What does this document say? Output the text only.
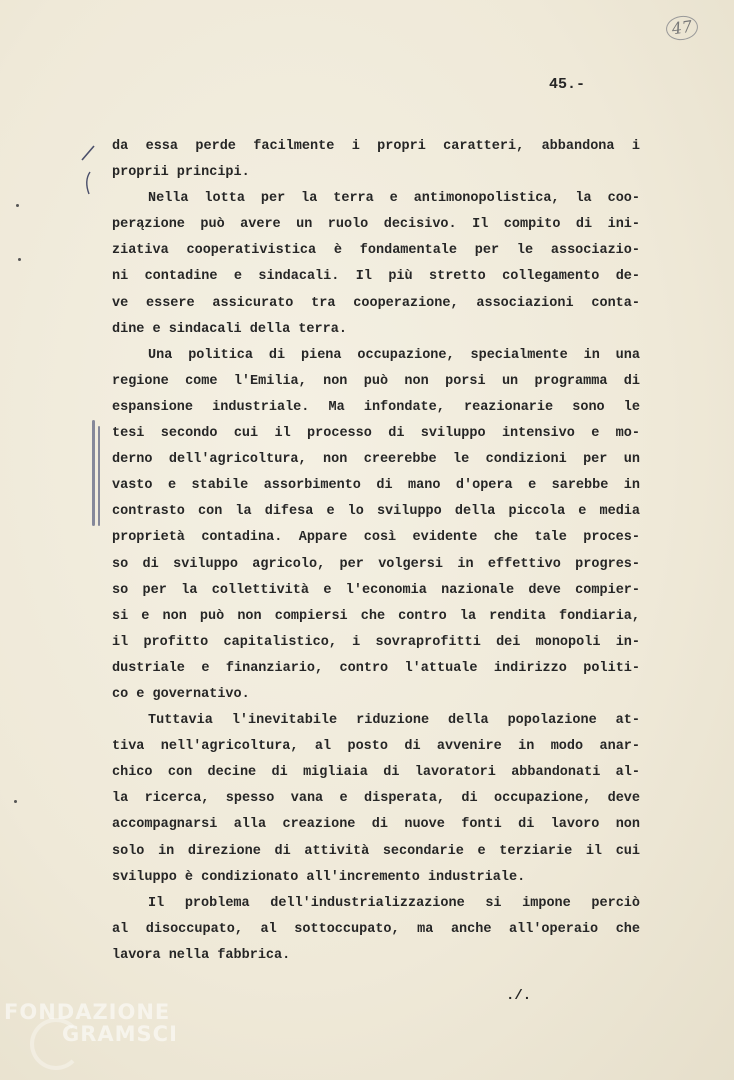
47
45.-
da essa perde facilmente i propri caratteri, abbandona i
proprii principi.
Nella lotta per la terra e antimonopolistica, la coo-
perązione può avere un ruolo decisivo. Il compito di ini-
ziativa cooperativistica è fondamentale per le associazio-
ni contadine e sindacali. Il più stretto collegamento de-
ve essere assicurato tra cooperazione, associazioni conta-
dine e sindacali della terra.
Una politica di piena occupazione, specialmente in una
regione come l'Emilia, non può non porsi un programma di
espansione industriale. Ma infondate, reazionarie sono le
tesi secondo cui il processo di sviluppo intensivo e mo-
derno dell'agricoltura, non creerebbe le condizioni per un
vasto e stabile assorbimento di mano d'opera e sarebbe in
contrasto con la difesa e lo sviluppo della piccola e media
proprietà contadina. Appare così evidente che tale proces-
so di sviluppo agricolo, per volgersi in effettivo progres-
so per la collettività e l'economia nazionale deve compier-
si e non può non compiersi che contro la rendita fondiaria,
il profitto capitalistico, i sovraprofitti dei monopoli in-
dustriale e finanziario, contro l'attuale indirizzo politi-
co e governativo.
Tuttavia l'inevitabile riduzione della popolazione at-
tiva nell'agricoltura, al posto di avvenire in modo anar-
chico con decine di migliaia di lavoratori abbandonati al-
la ricerca, spesso vana e disperata, di occupazione, deve
accompagnarsi alla creazione di nuove fonti di lavoro non
solo in direzione di attività secondarie e terziarie il cui
sviluppo è condizionato all'incremento industriale.
Il problema dell'industrializzazione si impone perciò
al disoccupato, al sottoccupato, ma anche all'operaio che
lavora nella fabbrica.
./.
FONDAZIONE
GRAMSCI
